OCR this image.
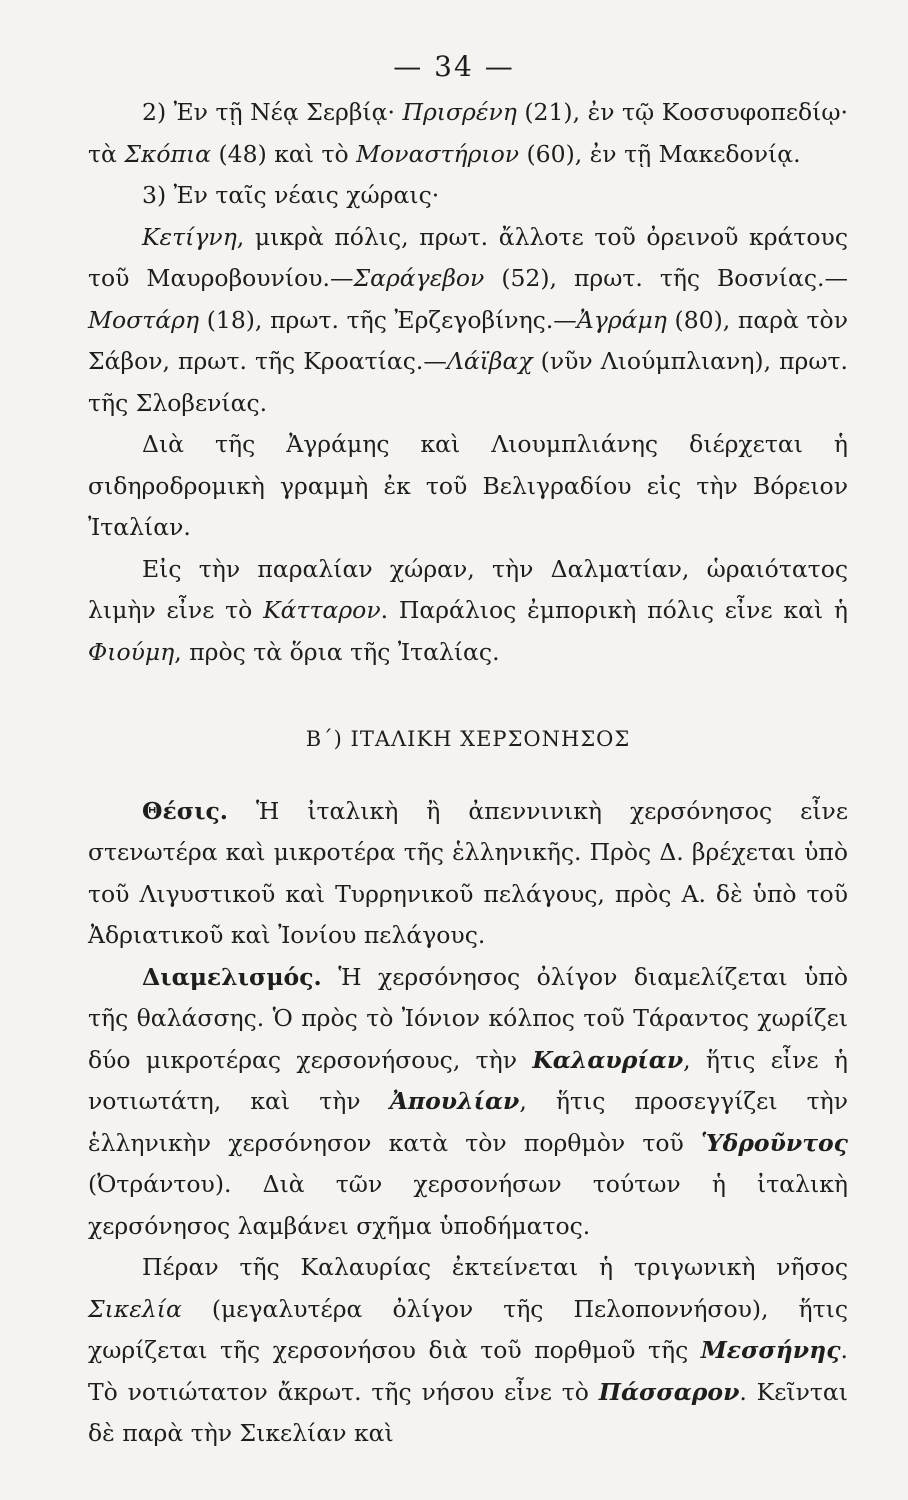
— 34 —

2) Ἐν τῇ Νέᾳ Σερβίᾳ· Πρισρένη (21), ἐν τῷ Κοσσυφοπεδίῳ· τὰ Σκόπια (48) καὶ τὸ Μοναστήριον (60), ἐν τῇ Μακεδονίᾳ.

3) Ἐν ταῖς νέαις χώραις·

Κετίγνη, μικρὰ πόλις, πρωτ. ἄλλοτε τοῦ ὀρεινοῦ κράτους τοῦ Μαυροβουνίου.—Σαράγεβον (52), πρωτ. τῆς Βοσνίας.—Μοστάρη (18), πρωτ. τῆς Ἐρζεγοβίνης.—Ἀγράμη (80), παρὰ τὸν Σάβον, πρωτ. τῆς Κροατίας.—Λάϊβαχ (νῦν Λιούμπλιανη), πρωτ. τῆς Σλοβενίας.

Διὰ τῆς Ἀγράμης καὶ Λιουμπλιάνης διέρχεται ἡ σιδηροδρομικὴ γραμμὴ ἐκ τοῦ Βελιγραδίου εἰς τὴν Βόρειον Ἰταλίαν.

Εἰς τὴν παραλίαν χώραν, τὴν Δαλματίαν, ὡραιότατος λιμὴν εἶνε τὸ Κάτταρον. Παράλιος ἐμπορικὴ πόλις εἶνε καὶ ἡ Φιούμη, πρὸς τὰ ὅρια τῆς Ἰταλίας.

Β´) ΙΤΑΛΙΚΗ ΧΕΡΣΟΝΗΣΟΣ

Θέσις. Ἡ ἰταλικὴ ἢ ἀπεννινικὴ χερσόνησος εἶνε στενωτέρα καὶ μικροτέρα τῆς ἑλληνικῆς. Πρὸς Δ. βρέχεται ὑπὸ τοῦ Λιγυστικοῦ καὶ Τυρρηνικοῦ πελάγους, πρὸς Α. δὲ ὑπὸ τοῦ Ἀδριατικοῦ καὶ Ἰονίου πελάγους.

Διαμελισμός. Ἡ χερσόνησος ὀλίγον διαμελίζεται ὑπὸ τῆς θαλάσσης. Ὁ πρὸς τὸ Ἰόνιον κόλπος τοῦ Τάραντος χωρίζει δύο μικροτέρας χερσονήσους, τὴν Καλαυρίαν, ἥτις εἶνε ἡ νοτιωτάτη, καὶ τὴν Ἀπουλίαν, ἥτις προσεγγίζει τὴν ἑλληνικὴν χερσόνησον κατὰ τὸν πορθμὸν τοῦ Ὑδροῦντος (Ὀτράντου). Διὰ τῶν χερσονήσων τούτων ἡ ἰταλικὴ χερσόνησος λαμβάνει σχῆμα ὑποδήματος.

Πέραν τῆς Καλαυρίας ἐκτείνεται ἡ τριγωνικὴ νῆσος Σικελία (μεγαλυτέρα ὀλίγον τῆς Πελοποννήσου), ἥτις χωρίζεται τῆς χερσονήσου διὰ τοῦ πορθμοῦ τῆς Μεσσήνης. Τὸ νοτιώτατον ἄκρωτ. τῆς νήσου εἶνε τὸ Πάσσαρον. Κεῖνται δὲ παρὰ τὴν Σικελίαν καὶ
